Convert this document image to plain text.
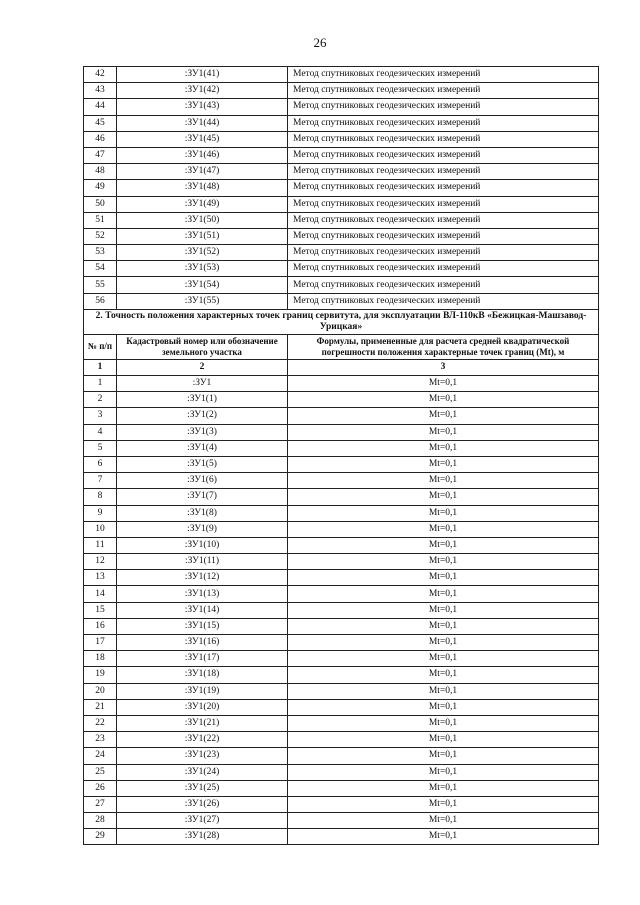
26
42	:ЗУ1(41)	Метод спутниковых геодезических измерений
43	:ЗУ1(42)	Метод спутниковых геодезических измерений
44	:ЗУ1(43)	Метод спутниковых геодезических измерений
45	:ЗУ1(44)	Метод спутниковых геодезических измерений
46	:ЗУ1(45)	Метод спутниковых геодезических измерений
47	:ЗУ1(46)	Метод спутниковых геодезических измерений
48	:ЗУ1(47)	Метод спутниковых геодезических измерений
49	:ЗУ1(48)	Метод спутниковых геодезических измерений
50	:ЗУ1(49)	Метод спутниковых геодезических измерений
51	:ЗУ1(50)	Метод спутниковых геодезических измерений
52	:ЗУ1(51)	Метод спутниковых геодезических измерений
53	:ЗУ1(52)	Метод спутниковых геодезических измерений
54	:ЗУ1(53)	Метод спутниковых геодезических измерений
55	:ЗУ1(54)	Метод спутниковых геодезических измерений
56	:ЗУ1(55)	Метод спутниковых геодезических измерений
2. Точность положения характерных точек границ сервитута, для эксплуатации ВЛ-110кВ «Бежицкая-Машзавод-Урицкая»		
№ п/п	Кадастровый номер или обозначение земельного участка	Формулы, примененные для расчета средней квадратической погрешности положения характерные точек границ (Mt), м
1	2	3
1	:ЗУ1	Mt=0,1
2	:ЗУ1(1)	Mt=0,1
3	:ЗУ1(2)	Mt=0,1
4	:ЗУ1(3)	Mt=0,1
5	:ЗУ1(4)	Mt=0,1
6	:ЗУ1(5)	Mt=0,1
7	:ЗУ1(6)	Mt=0,1
8	:ЗУ1(7)	Mt=0,1
9	:ЗУ1(8)	Mt=0,1
10	:ЗУ1(9)	Mt=0,1
11	:ЗУ1(10)	Mt=0,1
12	:ЗУ1(11)	Mt=0,1
13	:ЗУ1(12)	Mt=0,1
14	:ЗУ1(13)	Mt=0,1
15	:ЗУ1(14)	Mt=0,1
16	:ЗУ1(15)	Mt=0,1
17	:ЗУ1(16)	Mt=0,1
18	:ЗУ1(17)	Mt=0,1
19	:ЗУ1(18)	Mt=0,1
20	:ЗУ1(19)	Mt=0,1
21	:ЗУ1(20)	Mt=0,1
22	:ЗУ1(21)	Mt=0,1
23	:ЗУ1(22)	Mt=0,1
24	:ЗУ1(23)	Mt=0,1
25	:ЗУ1(24)	Mt=0,1
26	:ЗУ1(25)	Mt=0,1
27	:ЗУ1(26)	Mt=0,1
28	:ЗУ1(27)	Mt=0,1
29	:ЗУ1(28)	Mt=0,1
